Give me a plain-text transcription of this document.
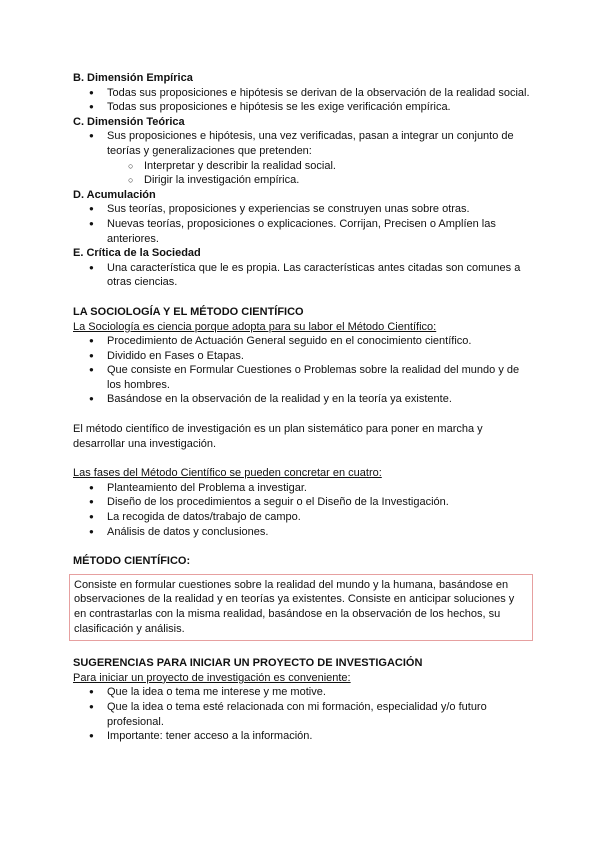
B. Dimensión Empírica
● Todas sus proposiciones e hipótesis se derivan de la observación de la realidad social.
● Todas sus proposiciones e hipótesis se les exige verificación empírica.
C. Dimensión Teórica
● Sus proposiciones e hipótesis, una vez verificadas, pasan a integrar un conjunto de teorías y generalizaciones que pretenden:
○ Interpretar y describir la realidad social.
○ Dirigir la investigación empírica.
D. Acumulación
● Sus teorías, proposiciones y experiencias se construyen unas sobre otras.
● Nuevas teorías, proposiciones o explicaciones. Corrijan, Precisen o Amplíen las anteriores.
E. Crítica de la Sociedad
● Una característica que le es propia. Las características antes citadas son comunes a otras ciencias.
LA SOCIOLOGÍA Y EL MÉTODO CIENTÍFICO

La Sociología es ciencia porque adopta para su labor el Método Científico:

● Procedimiento de Actuación General seguido en el conocimiento científico.
● Dividido en Fases o Etapas.
● Que consiste en Formular Cuestiones o Problemas sobre la realidad del mundo y de los hombres.
● Basándose en la observación de la realidad y en la teoría ya existente.

El método científico de investigación es un plan sistemático para poner en marcha y desarrollar una investigación.

Las fases del Método Científico se pueden concretar en cuatro:

● Planteamiento del Problema a investigar.
● Diseño de los procedimientos a seguir o el Diseño de la Investigación.
● La recogida de datos/trabajo de campo.
● Análisis de datos y conclusiones.
MÉTODO CIENTÍFICO:

Consiste en formular cuestiones sobre la realidad del mundo y la humana, basándose en observaciones de la realidad y en teorías ya existentes. Consiste en anticipar soluciones y en contrastarlas con la misma realidad, basándose en la observación de los hechos, su clasificación y análisis.

SUGERENCIAS PARA INICIAR UN PROYECTO DE INVESTIGACIÓN

Para iniciar un proyecto de investigación es conveniente:

● Que la idea o tema me interese y me motive.
● Que la idea o tema esté relacionada con mi formación, especialidad y/o futuro profesional.
● Importante: tener acceso a la información.
